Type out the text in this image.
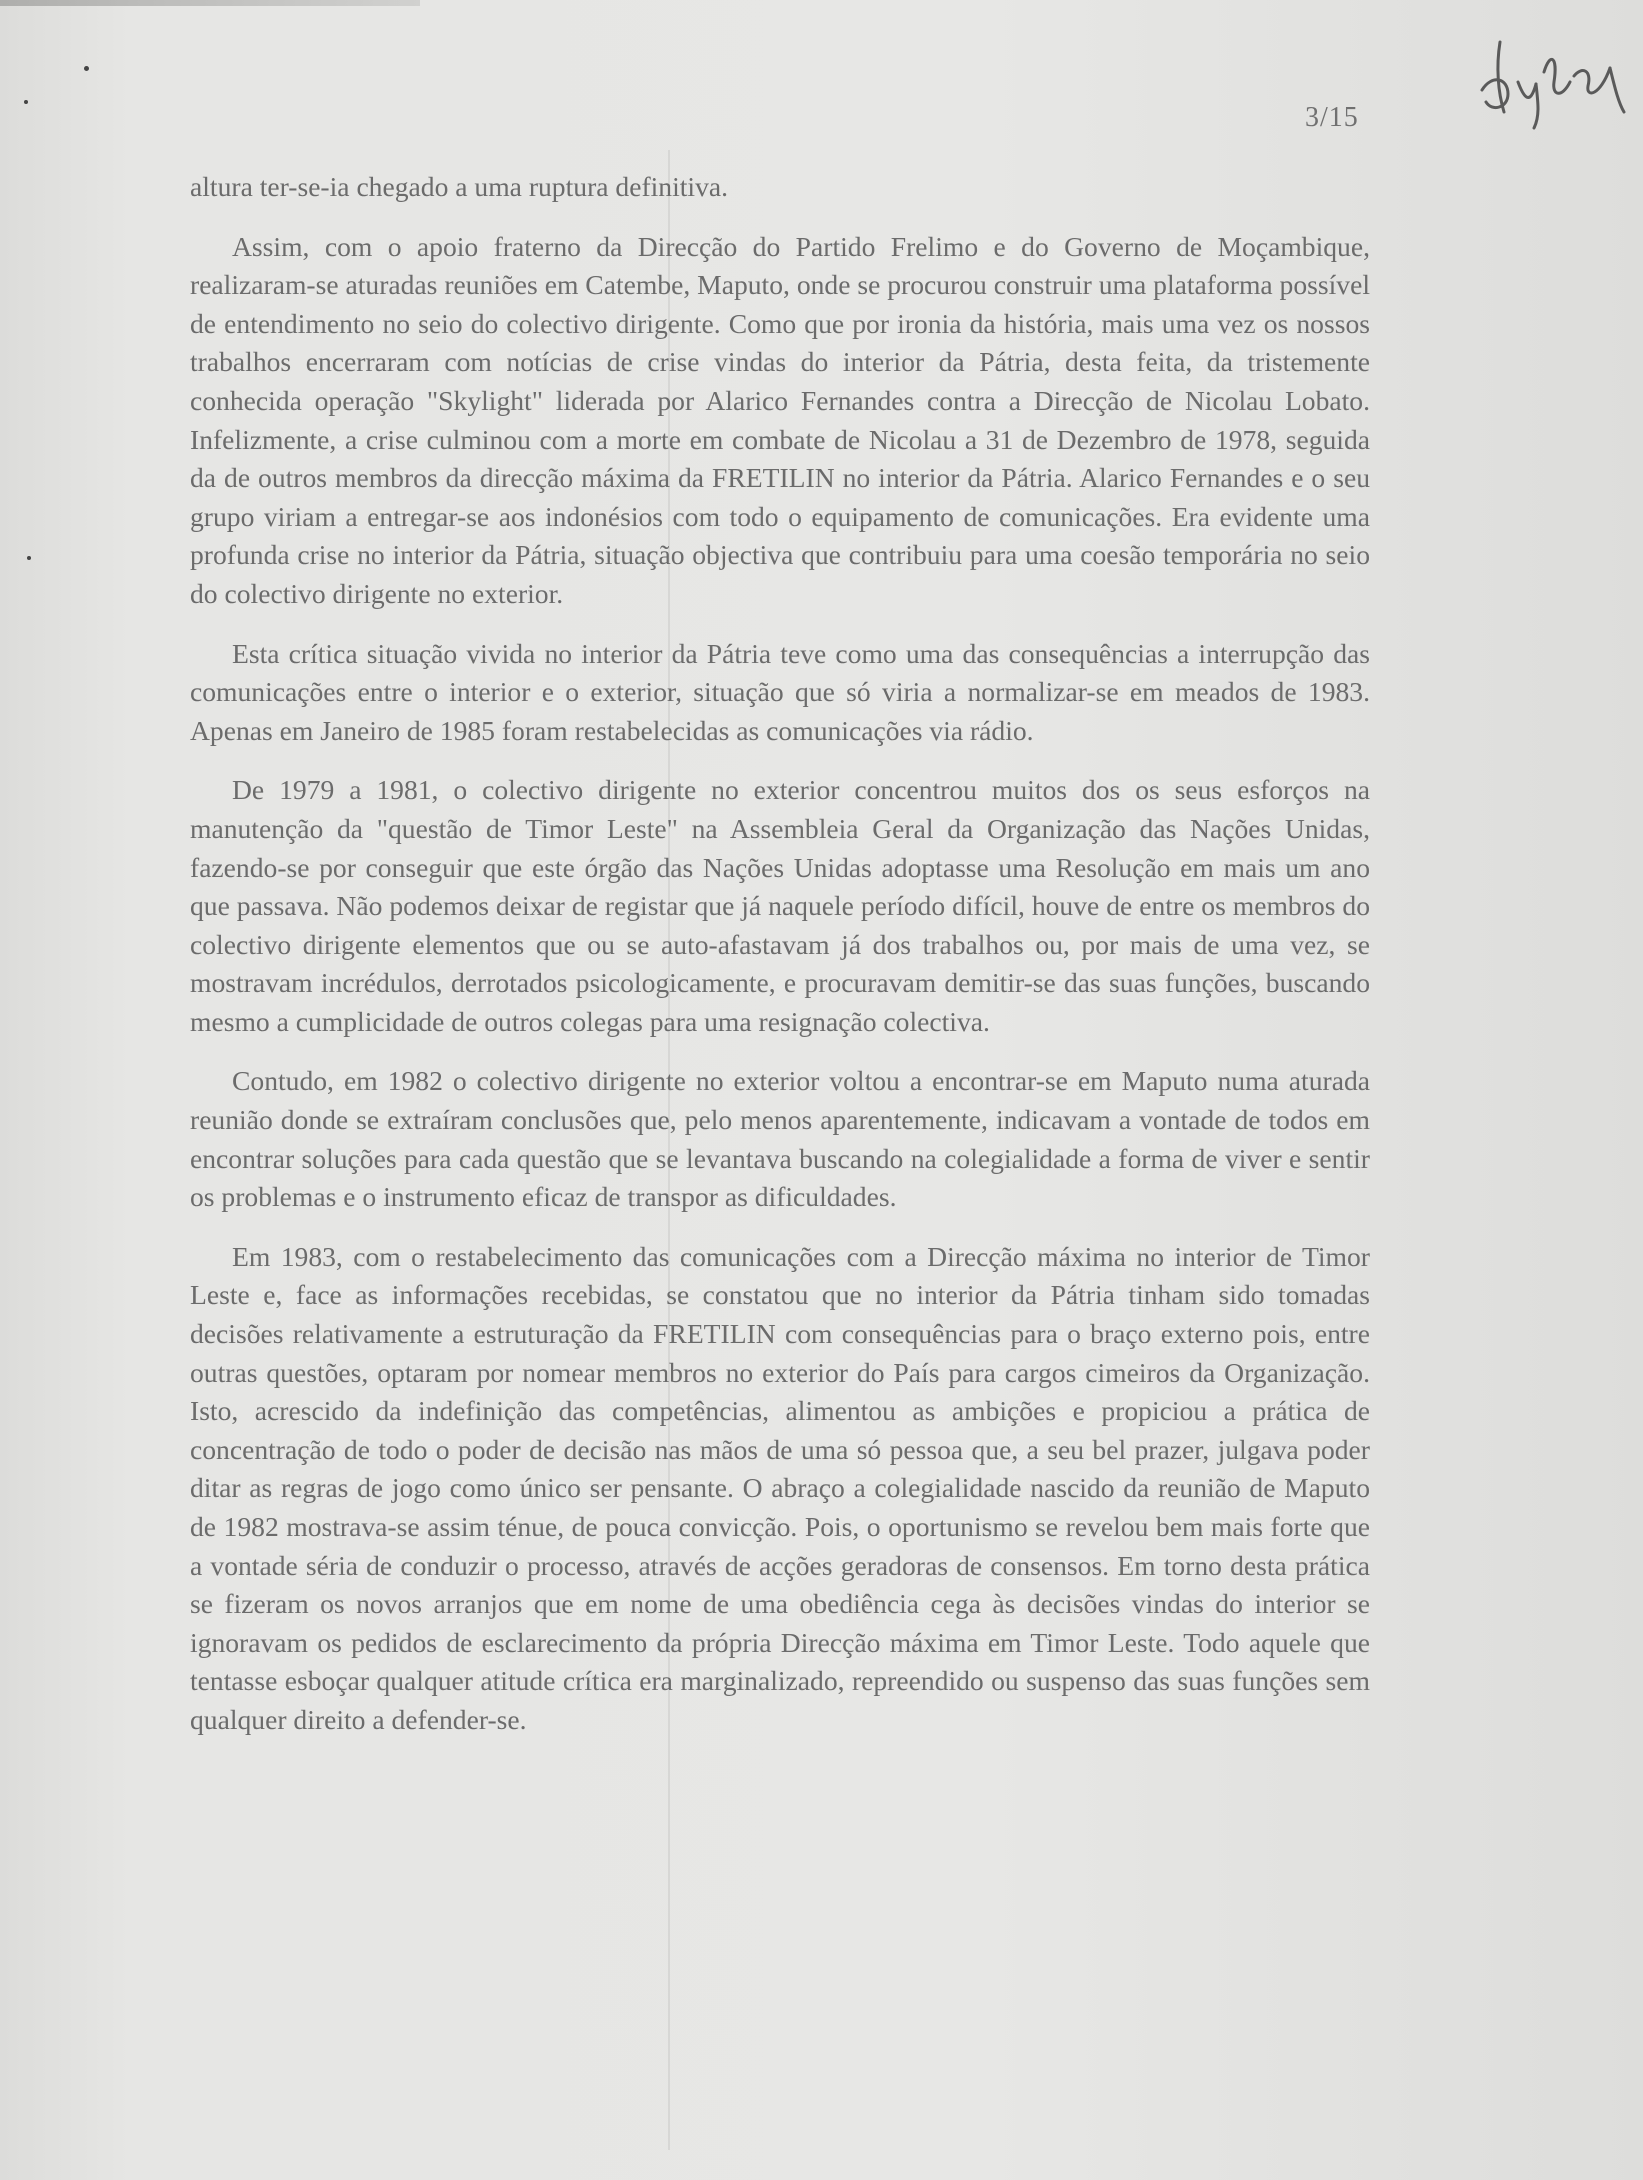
3/15

altura ter-se-ia chegado a uma ruptura definitiva.

Assim, com o apoio fraterno da Direcção do Partido Frelimo e do Governo de Moçambique, realizaram-se aturadas reuniões em Catembe, Maputo, onde se procurou construir uma plataforma possível de entendimento no seio do colectivo dirigente. Como que por ironia da história, mais uma vez os nossos trabalhos encerraram com notícias de crise vindas do interior da Pátria, desta feita, da tristemente conhecida operação "Skylight" liderada por Alarico Fernandes contra a Direcção de Nicolau Lobato. Infelizmente, a crise culminou com a morte em combate de Nicolau a 31 de Dezembro de 1978, seguida da de outros membros da direcção máxima da FRETILIN no interior da Pátria. Alarico Fernandes e o seu grupo viriam a entregar-se aos indonésios com todo o equipamento de comunicações. Era evidente uma profunda crise no interior da Pátria, situação objectiva que contribuiu para uma coesão temporária no seio do colectivo dirigente no exterior.

Esta crítica situação vivida no interior da Pátria teve como uma das consequências a interrupção das comunicações entre o interior e o exterior, situação que só viria a normalizar-se em meados de 1983. Apenas em Janeiro de 1985 foram restabelecidas as comunicações via rádio.

De 1979 a 1981, o colectivo dirigente no exterior concentrou muitos dos os seus esforços na manutenção da "questão de Timor Leste" na Assembleia Geral da Organização das Nações Unidas, fazendo-se por conseguir que este órgão das Nações Unidas adoptasse uma Resolução em mais um ano que passava. Não podemos deixar de registar que já naquele período difícil, houve de entre os membros do colectivo dirigente elementos que ou se auto-afastavam já dos trabalhos ou, por mais de uma vez, se mostravam incrédulos, derrotados psicologicamente, e procuravam demitir-se das suas funções, buscando mesmo a cumplicidade de outros colegas para uma resignação colectiva.

Contudo, em 1982 o colectivo dirigente no exterior voltou a encontrar-se em Maputo numa aturada reunião donde se extraíram conclusões que, pelo menos aparentemente, indicavam a vontade de todos em encontrar soluções para cada questão que se levantava buscando na colegialidade a forma de viver e sentir os problemas e o instrumento eficaz de transpor as dificuldades.

Em 1983, com o restabelecimento das comunicações com a Direcção máxima no interior de Timor Leste e, face as informações recebidas, se constatou que no interior da Pátria tinham sido tomadas decisões relativamente a estruturação da FRETILIN com consequências para o braço externo pois, entre outras questões, optaram por nomear membros no exterior do País para cargos cimeiros da Organização. Isto, acrescido da indefinição das competências, alimentou as ambições e propiciou a prática de concentração de todo o poder de decisão nas mãos de uma só pessoa que, a seu bel prazer, julgava poder ditar as regras de jogo como único ser pensante. O abraço a colegialidade nascido da reunião de Maputo de 1982 mostrava-se assim ténue, de pouca convicção. Pois, o oportunismo se revelou bem mais forte que a vontade séria de conduzir o processo, através de acções geradoras de consensos. Em torno desta prática se fizeram os novos arranjos que em nome de uma obediência cega às decisões vindas do interior se ignoravam os pedidos de esclarecimento da própria Direcção máxima em Timor Leste. Todo aquele que tentasse esboçar qualquer atitude crítica era marginalizado, repreendido ou suspenso das suas funções sem qualquer direito a defender-se.
